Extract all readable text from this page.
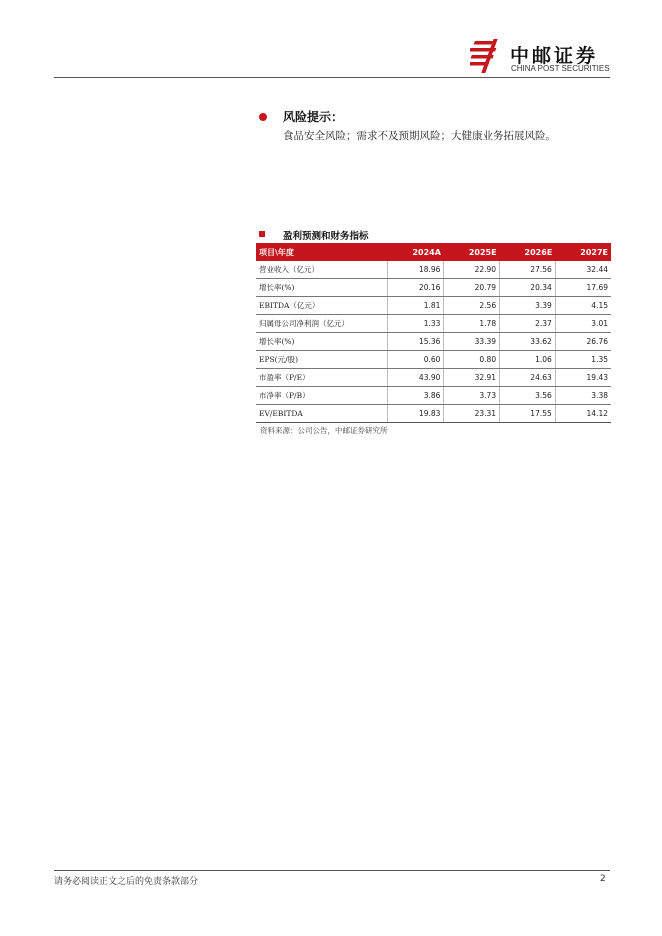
中邮证券
CHINA POST SECURITIES
风险提示：
食品安全风险；需求不及预期风险；大健康业务拓展风险。
盈利预测和财务指标
项目\年度	2024A	2025E	2026E	2027E
营业收入（亿元）	18.96	22.90	27.56	32.44
增长率(%)	20.16	20.79	20.34	17.69
EBITDA（亿元）	1.81	2.56	3.39	4.15
归属母公司净利润（亿元）	1.33	1.78	2.37	3.01
增长率(%)	15.36	33.39	33.62	26.76
EPS(元/股)	0.60	0.80	1.06	1.35
市盈率（P/E）	43.90	32.91	24.63	19.43
市净率（P/B）	3.86	3.73	3.56	3.38
EV/EBITDA	19.83	23.31	17.55	14.12
资料来源：公司公告，中邮证券研究所
请务必阅读正文之后的免责条款部分	2
